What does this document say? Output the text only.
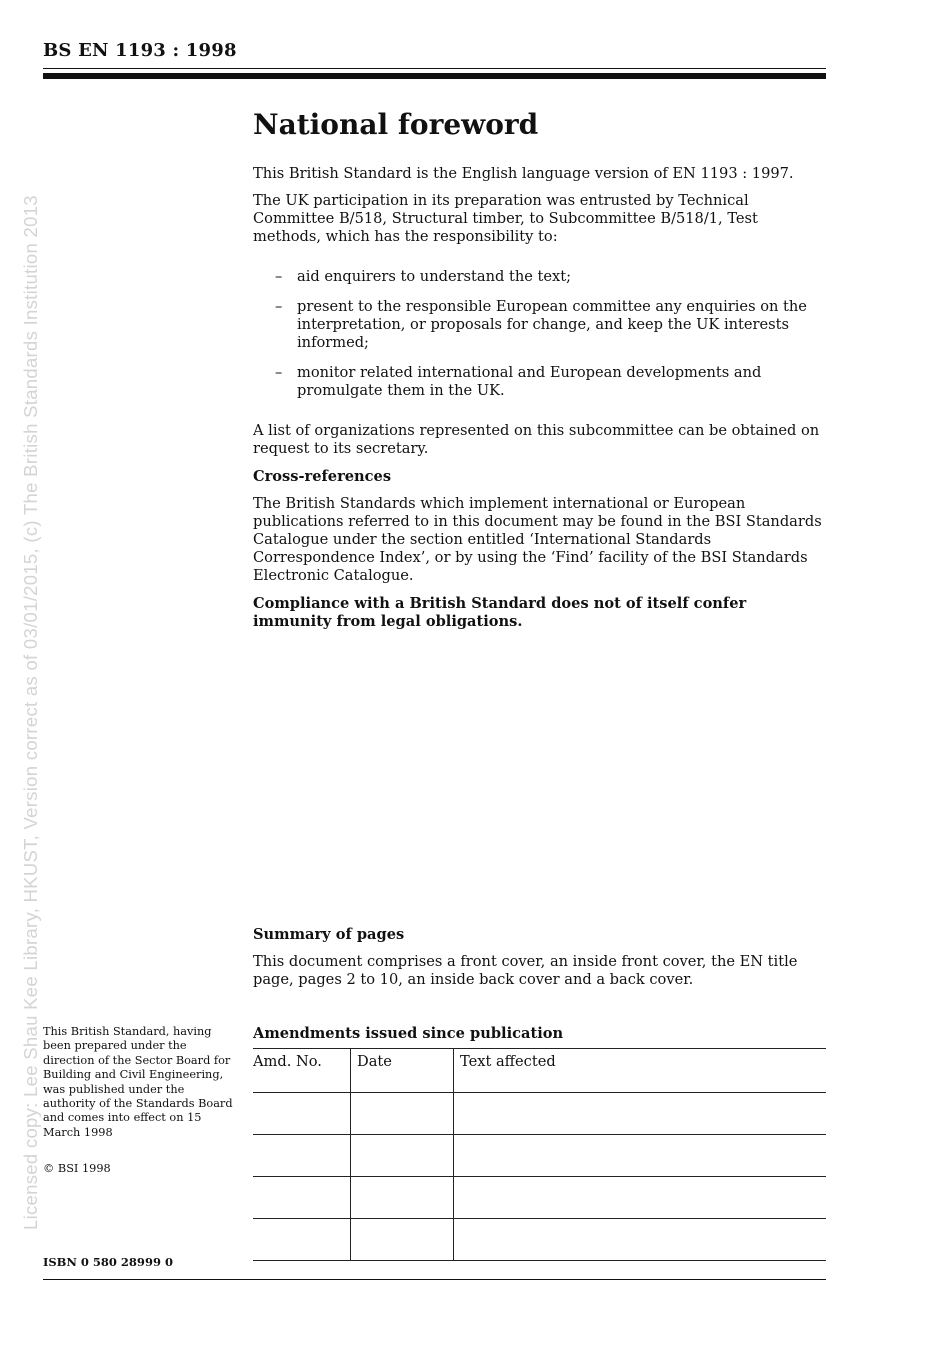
BS EN 1193 : 1998
Licensed copy: Lee Shau Kee Library, HKUST, Version correct as of 03/01/2015, (c) The British Standards Institution 2013
National foreword

This British Standard is the English language version of EN 1193 : 1997.

The UK participation in its preparation was entrusted by Technical Committee B/518, Structural timber, to Subcommittee B/518/1, Test methods, which has the responsibility to:

– aid enquirers to understand the text;
– present to the responsible European committee any enquiries on the interpretation, or proposals for change, and keep the UK interests informed;
– monitor related international and European developments and promulgate them in the UK.

A list of organizations represented on this subcommittee can be obtained on request to its secretary.

Cross-references

The British Standards which implement international or European publications referred to in this document may be found in the BSI Standards Catalogue under the section entitled ‘International Standards Correspondence Index’, or by using the ‘Find’ facility of the BSI Standards Electronic Catalogue.

Compliance with a British Standard does not of itself confer immunity from legal obligations.

Summary of pages

This document comprises a front cover, an inside front cover, the EN title page, pages 2 to 10, an inside back cover and a back cover.

This British Standard, having been prepared under the direction of the Sector Board for Building and Civil Engineering, was published under the authority of the Standards Board and comes into effect on 15 March 1998

© BSI 1998

ISBN 0 580 28999 0
Amendments issued since publication
Amd. No.	Date	Text affected
